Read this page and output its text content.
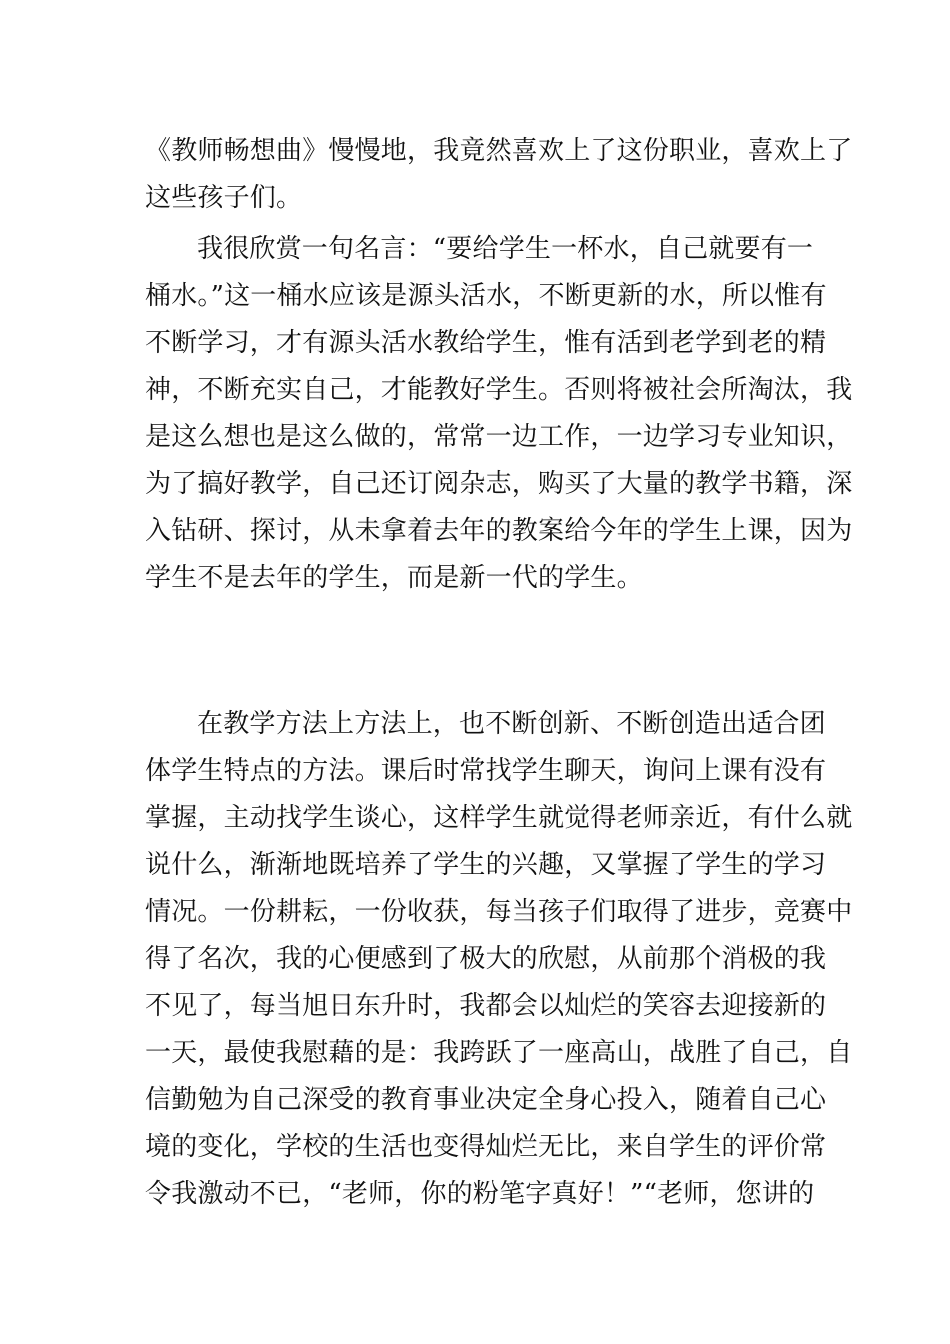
《教师畅想曲》慢慢地，我竟然喜欢上了这份职业，喜欢上了
这些孩子们。
我很欣赏一句名言：“要给学生一杯水，自己就要有一
桶水。”这一桶水应该是源头活水，不断更新的水，所以惟有
不断学习，才有源头活水教给学生，惟有活到老学到老的精
神，不断充实自己，才能教好学生。否则将被社会所淘汰，我
是这么想也是这么做的，常常一边工作，一边学习专业知识，
为了搞好教学，自己还订阅杂志，购买了大量的教学书籍，深
入钻研、探讨，从未拿着去年的教案给今年的学生上课，因为
学生不是去年的学生，而是新一代的学生。
在教学方法上方法上，也不断创新、不断创造出适合团
体学生特点的方法。课后时常找学生聊天，询问上课有没有
掌握，主动找学生谈心，这样学生就觉得老师亲近，有什么就
说什么，渐渐地既培养了学生的兴趣，又掌握了学生的学习
情况。一份耕耘，一份收获，每当孩子们取得了进步，竞赛中
得了名次，我的心便感到了极大的欣慰，从前那个消极的我
不见了，每当旭日东升时，我都会以灿烂的笑容去迎接新的
一天，最使我慰藉的是：我跨跃了一座高山，战胜了自己，自
信勤勉为自己深受的教育事业决定全身心投入，随着自己心
境的变化，学校的生活也变得灿烂无比，来自学生的评价常
令我激动不已，“老师，你的粉笔字真好！”“老师，您讲的
